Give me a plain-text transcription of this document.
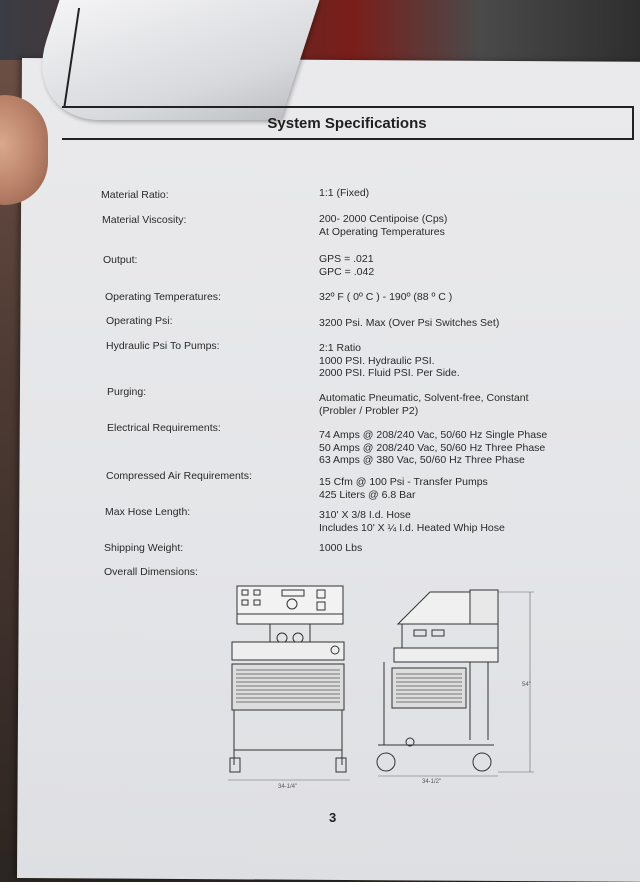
System Specifications
Material Ratio:	1:1 (Fixed)
Material Viscosity:	200- 2000 Centipoise (Cps)
At Operating Temperatures
Output:	GPS = .021
GPC = .042
Operating Temperatures:	32º F ( 0º C ) - 190º (88 º C )
Operating Psi:	3200 Psi. Max (Over Psi Switches Set)
Hydraulic Psi To Pumps:	2:1 Ratio
1000 PSI. Hydraulic PSI.
2000 PSI. Fluid PSI. Per Side.
Purging:	Automatic Pneumatic, Solvent-free, Constant
(Probler / Probler P2)
Electrical Requirements:
74 Amps @ 208/240 Vac, 50/60 Hz Single Phase
50 Amps @ 208/240 Vac, 50/60 Hz Three Phase
63 Amps @ 380 Vac, 50/60 Hz Three Phase
Compressed Air Requirements:	15 Cfm @ 100 Psi - Transfer Pumps
425 Liters @ 6.8 Bar
Max Hose Length:	310' X 3/8 I.d. Hose
Includes 10' X ¼ I.d. Heated Whip Hose
Shipping Weight:	1000 Lbs
Overall Dimensions:
34-1/4"
34-1/2"
54"
3
